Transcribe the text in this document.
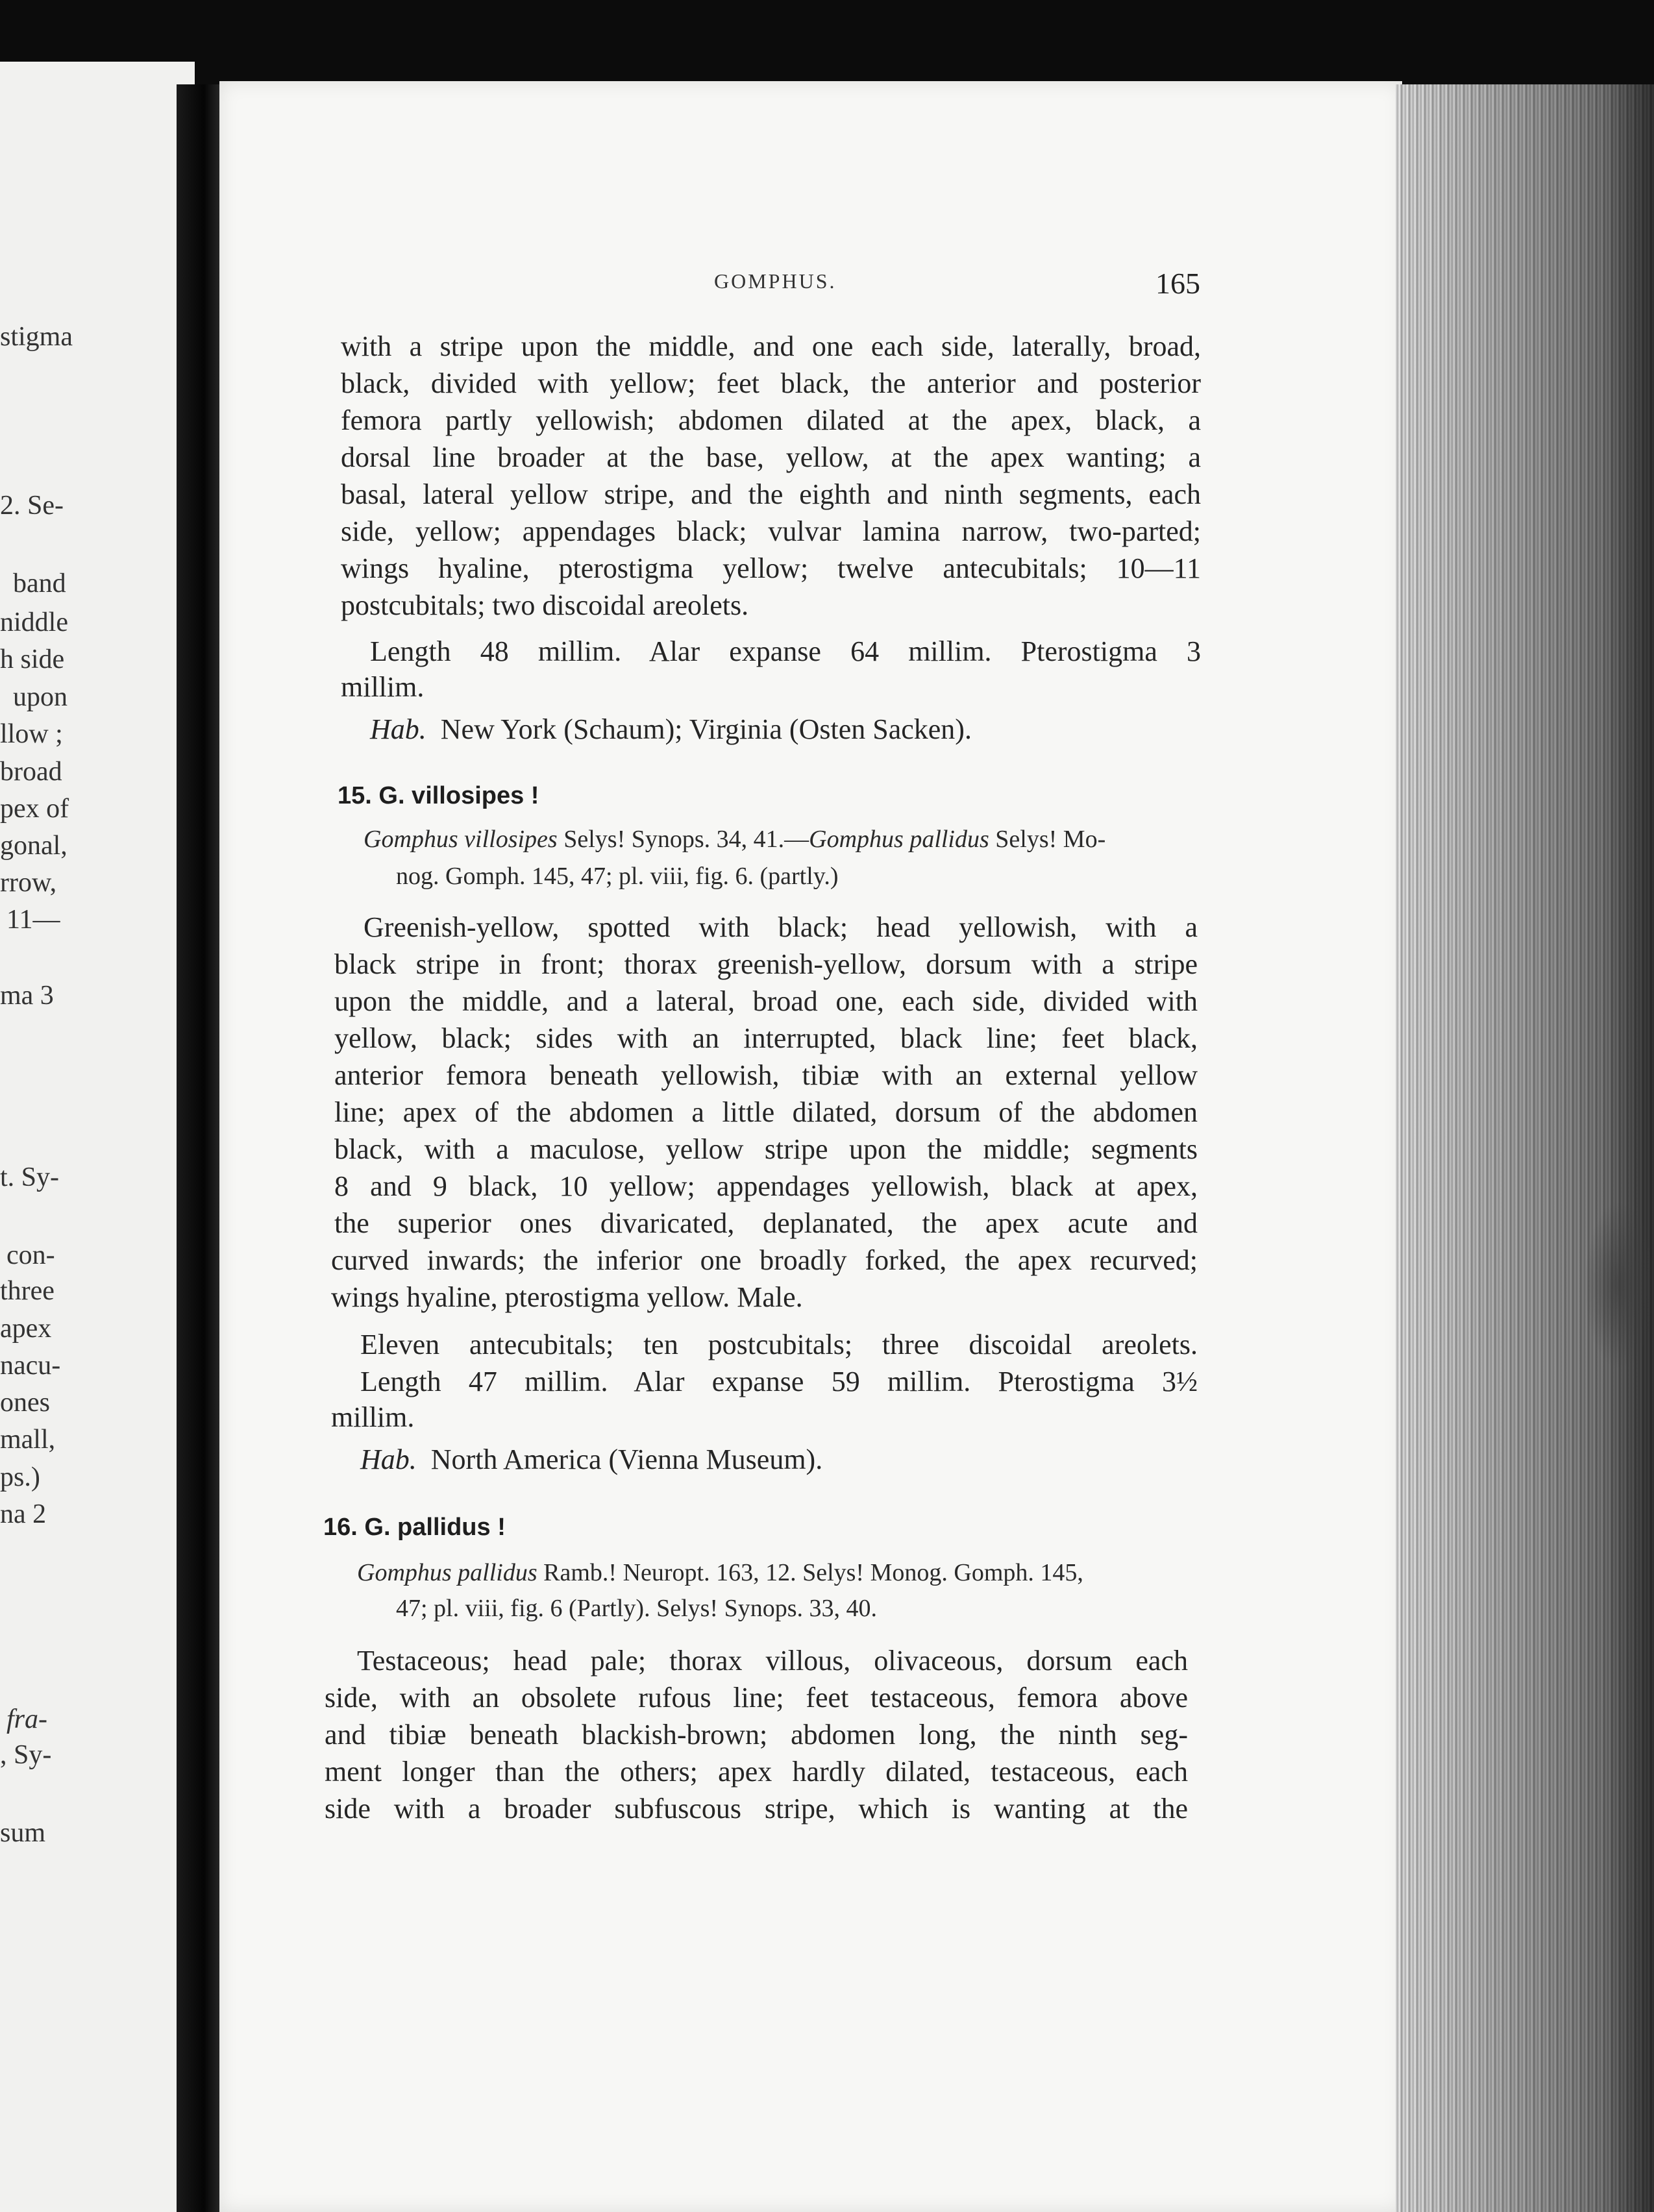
stigma
2. Se-
band
niddle
h side
upon
llow ;
broad
pex of
gonal,
rrow,
11—
ma 3
t. Sy-
con-
three
apex
nacu-
ones
mall,
ps.)
na 2
fra-
, Sy-
sum
GOMPHUS.	165
with a stripe upon the middle, and one each side, laterally, broad,
black, divided with yellow; feet black, the anterior and posterior
femora partly yellowish; abdomen dilated at the apex, black, a
dorsal line broader at the base, yellow, at the apex wanting; a
basal, lateral yellow stripe, and the eighth and ninth segments, each
side, yellow; appendages black; vulvar lamina narrow, two-parted;
wings hyaline, pterostigma yellow; twelve antecubitals; 10—11
postcubitals; two discoidal areolets.
Length 48 millim. Alar expanse 64 millim. Pterostigma 3
millim.
Hab. New York (Schaum); Virginia (Osten Sacken).
15. G. villosipes !
Gomphus villosipes Selys! Synops. 34, 41.—Gomphus pallidus Selys! Mo-
nog. Gomph. 145, 47; pl. viii, fig. 6. (partly.)
Greenish-yellow, spotted with black; head yellowish, with a
black stripe in front; thorax greenish-yellow, dorsum with a stripe
upon the middle, and a lateral, broad one, each side, divided with
yellow, black; sides with an interrupted, black line; feet black,
anterior femora beneath yellowish, tibiæ with an external yellow
line; apex of the abdomen a little dilated, dorsum of the abdomen
black, with a maculose, yellow stripe upon the middle; segments
8 and 9 black, 10 yellow; appendages yellowish, black at apex,
the superior ones divaricated, deplanated, the apex acute and
curved inwards; the inferior one broadly forked, the apex recurved;
wings hyaline, pterostigma yellow. Male.
Eleven antecubitals; ten postcubitals; three discoidal areolets.
Length 47 millim. Alar expanse 59 millim. Pterostigma 3½
millim.
Hab. North America (Vienna Museum).
16. G. pallidus !
Gomphus pallidus Ramb.! Neuropt. 163, 12. Selys! Monog. Gomph. 145,
47; pl. viii, fig. 6 (Partly). Selys! Synops. 33, 40.
Testaceous; head pale; thorax villous, olivaceous, dorsum each
side, with an obsolete rufous line; feet testaceous, femora above
and tibiæ beneath blackish-brown; abdomen long, the ninth seg-
ment longer than the others; apex hardly dilated, testaceous, each
side with a broader subfuscous stripe, which is wanting at the
